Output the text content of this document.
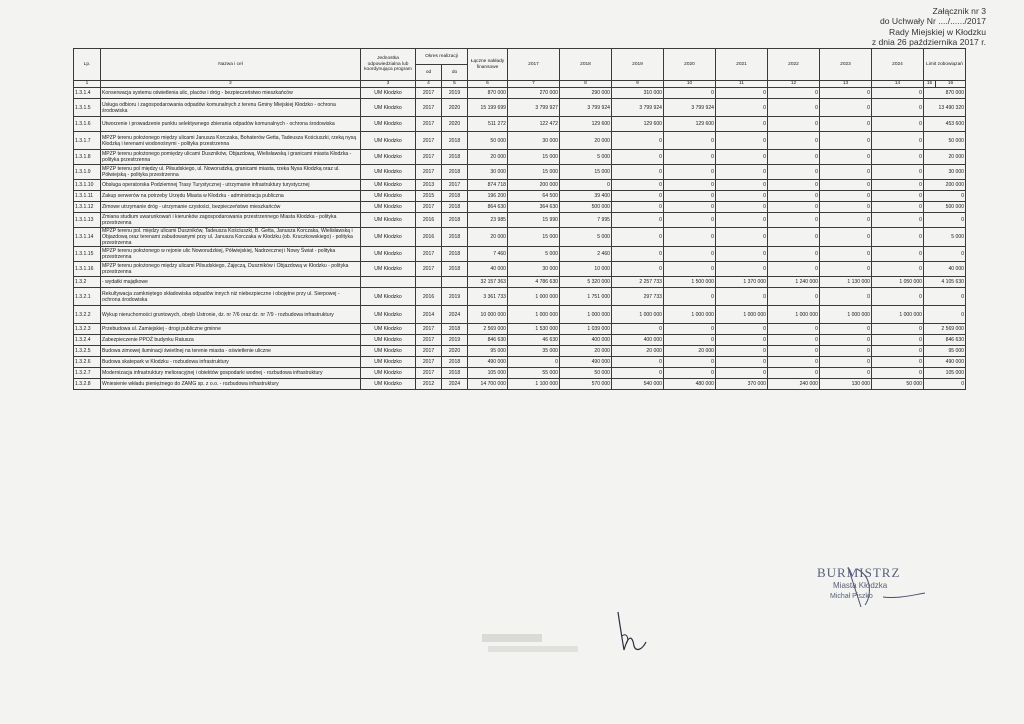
Załącznik nr 3
do Uchwały Nr ..../....../2017
Rady Miejskiej w Kłodzku
z dnia 26 października 2017 r.
Lp.	Nazwa i cel	Jednostka odpowiedzialna lub koordynująca program	Okres realizacji		Łączne nakłady finansowe	2017	2018	2019	2020	2021	2022	2023	2024	Limit zobowiązań	
			od	do											
1	2	3	4	5	6	7	8	9	10	11	12	13	14	15	16
1.3.1.4	Konserwacja systemu oświetlenia ulic, placów i dróg - bezpieczeństwo mieszkańców	UM Kłodzko	2017	2019	870 000	270 000	290 000	310 000	0	0	0	0	0	870 000	
1.3.1.5	Usługa odbioru i zagospodarowania odpadów komunalnych z terenu Gminy Miejskiej Kłodzko - ochrona środowiska	UM Kłodzko	2017	2020	15 199 699	3 799 927	3 799 924	3 799 924	3 799 924	0	0	0	0	13 490 320	
1.3.1.6	Utworzenie i prowadzenie punktu selektywnego zbierania odpadów komunalnych - ochrona środowiska	UM Kłodzko	2017	2020	511 272	122 472	129 600	129 600	129 600	0	0	0	0	453 600	
1.3.1.7	MPZP terenu położonego między ulicami Janusza Korczaka, Bohaterów Getta, Tadeusza Kościuszki, rzeką nysą Kłodzką i terenami wodonośnymi - polityka przestrzenna	UM Kłodzko	2017	2018	50 000	30 000	20 000	0	0	0	0	0	0	50 000	
1.3.1.8	MPZP terenu położonego pomiędzy ulicami Duszników, Objazdową, Wielisławską i granicami miasta Kłodzka - polityka przestrzenna	UM Kłodzko	2017	2018	20 000	15 000	5 000	0	0	0	0	0	0	20 000	
1.3.1.9	MPZP terenu pol między ul. Piłsudskiego, ul. Noworudzką, granicami miasta, rzeka Nysa Kłodzką oraz ul. Półwiejską - polityka przestrzenna	UM Kłodzko	2017	2018	30 000	15 000	15 000	0	0	0	0	0	0	30 000	
1.3.1.10	Obsługa operatorska Podziemnej Trasy Turystycznej - utrzymanie infrastruktury turystycznej	UM Kłodzko	2013	2017	874 718	200 000	0	0	0	0	0	0	0	200 000	
1.3.1.11	Zakup serwerów na potrzeby Urzędu Miasta w Kłodzku - administracja publiczna	UM Kłodzko	2015	2018	196 200	64 500	39 400	0	0	0	0	0	0	0	
1.3.1.12	Zimowe utrzymanie dróg - utrzymanie czystości, bezpieczeństwo mieszkańców	UM Kłodzko	2017	2018	864 630	364 630	500 000	0	0	0	0	0	0	500 000	
1.3.1.13	Zmiana studium uwarunkowań i kierunków zagospodarowania przestrzennego Miasta Kłodzka - polityka przestrzenna	UM Kłodzko	2016	2018	23 985	15 990	7 995	0	0	0	0	0	0	0	
1.3.1.14	MPZP terenu pol. między ulicami Duszników, Tadeusza Kościuszki, B. Getta, Janusza Korczaka, Wielisławską i Objazdową oraz terenami zabudowanymi przy ul. Janusza Korczaka w Kłodzku (ob. Kruczkowskiego) - polityka przestrzenna	UM Kłodzko	2016	2018	20 000	15 000	5 000	0	0	0	0	0	0	5 000	
1.3.1.15	MPZP terenu położonego w rejonie ulic Noworudzkiej, Półwiejskiej, Nadrzecznej i Nowy Świat - polityka przestrzenna	UM Kłodzko	2017	2018	7 460	5 000	2 460	0	0	0	0	0	0	0	
1.3.1.16	MPZP terenu położonego między ulicami Piłsudskiego, Zajęczą, Duszników i Objazdową w Kłodzku - polityka przestrzenna	UM Kłodzko	2017	2018	40 000	30 000	10 000	0	0	0	0	0	0	40 000	
1.3.2	- wydatki majątkowe				32 157 363	4 786 630	5 320 000	2 257 733	1 500 000	1 370 000	1 240 000	1 130 000	1 050 000	4 105 630	
1.3.2.1	Rekultywacja zamkniętego składowiska odpadów innych niż niebezpieczne i obojętne przy ul. Sierpowej - ochrona środowiska	UM Kłodzko	2016	2019	3 361 733	1 000 000	1 751 000	297 733	0	0	0	0	0	0	
1.3.2.2	Wykup nieruchomości gruntowych, obręb Ustronie, dz. nr 7/6 oraz dz. nr 7/9 - rozbudowa infrastruktury	UM Kłodzko	2014	2024	10 000 000	1 000 000	1 000 000	1 000 000	1 000 000	1 000 000	1 000 000	1 000 000	1 000 000	0	
1.3.2.3	Przebudowa ul. Zamiejskiej - drogi publiczne gminne	UM Kłodzko	2017	2018	2 569 000	1 530 000	1 039 000	0	0	0	0	0	0	2 569 000	
1.3.2.4	Zabezpieczenie PPOŻ budynku Ratusza	UM Kłodzko	2017	2019	846 630	46 630	400 000	400 000	0	0	0	0	0	846 630	
1.3.2.5	Budowa zimowej iluminacji świetlnej na terenie miasta - oświetlenie uliczne	UM Kłodzko	2017	2020	95 000	35 000	20 000	20 000	20 000	0	0	0	0	95 000	
1.3.2.6	Budowa skatepark w Kłodzku - rozbudowa infrastruktury	UM Kłodzko	2017	2018	490 000	0	490 000	0	0	0	0	0	0	490 000	
1.3.2.7	Modernizacja infrastruktury melioracyjnej i obiektów gospodarki wodnej - rozbudowa infrastruktury	UM Kłodzko	2017	2018	105 000	55 000	50 000	0	0	0	0	0	0	105 000	
1.3.2.8	Wniesienie wkładu pieniężnego do ZAMG sp. z o.o. - rozbudowa infrastruktury	UM Kłodzko	2012	2024	14 700 000	1 100 000	570 000	540 000	480 000	370 000	240 000	130 000	50 000	0	
BURMISTRZ
Miasta Kłodzka
Michał Piszko
